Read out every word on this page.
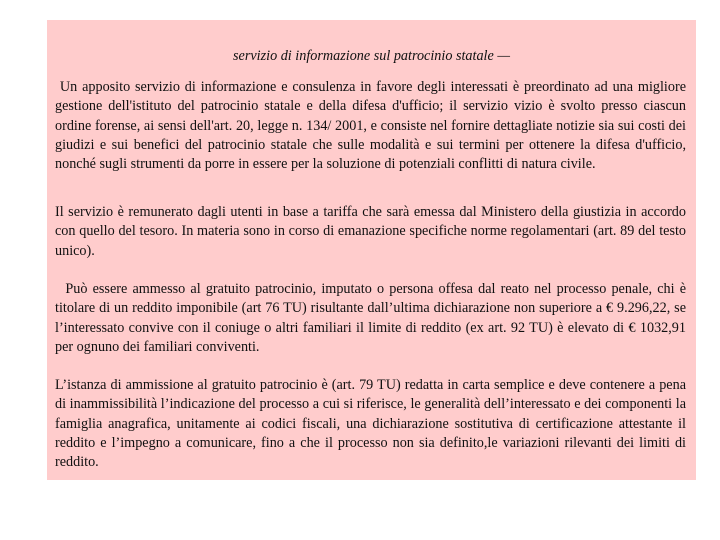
servizio di informazione sul patrocinio statale —

Un apposito servizio di informazione e consulenza in favore degli interessati è preordinato ad una migliore gestione dell'istituto del patrocinio statale e della difesa d'ufficio; il servizio vizio è svolto presso ciascun ordine forense, ai sensi dell'art. 20, legge n. 134/ 2001, e consiste nel fornire dettagliate notizie sia sui costi dei giudizi e sui benefici del patrocinio statale che sulle modalità e sui termini per ottenere la difesa d'ufficio, nonché sugli strumenti da porre in essere per la soluzione di potenziali conflitti di natura civile.

Il servizio è remunerato dagli utenti in base a tariffa che sarà emessa dal Ministero della giustizia in accordo con quello del tesoro. In materia sono in corso di emanazione specifiche norme regolamentari (art. 89 del testo unico).

Può essere ammesso al gratuito patrocinio, imputato o persona offesa dal reato nel processo penale, chi è titolare di un reddito imponibile (art 76 TU) risultante dall’ultima dichiarazione non superiore a € 9.296,22, se l’interessato convive con il coniuge o altri familiari il limite di reddito (ex art. 92 TU) è elevato di € 1032,91 per ognuno dei familiari conviventi.

L’istanza di ammissione al gratuito patrocinio è (art. 79 TU) redatta in carta semplice e deve contenere a pena di inammissibilità l’indicazione del processo a cui si riferisce, le generalità dell’interessato e dei componenti la famiglia anagrafica, unitamente ai codici fiscali, una dichiarazione sostitutiva di certificazione attestante il reddito e l’impegno a comunicare, fino a che il processo non sia definito,le variazioni rilevanti dei limiti di reddito.
